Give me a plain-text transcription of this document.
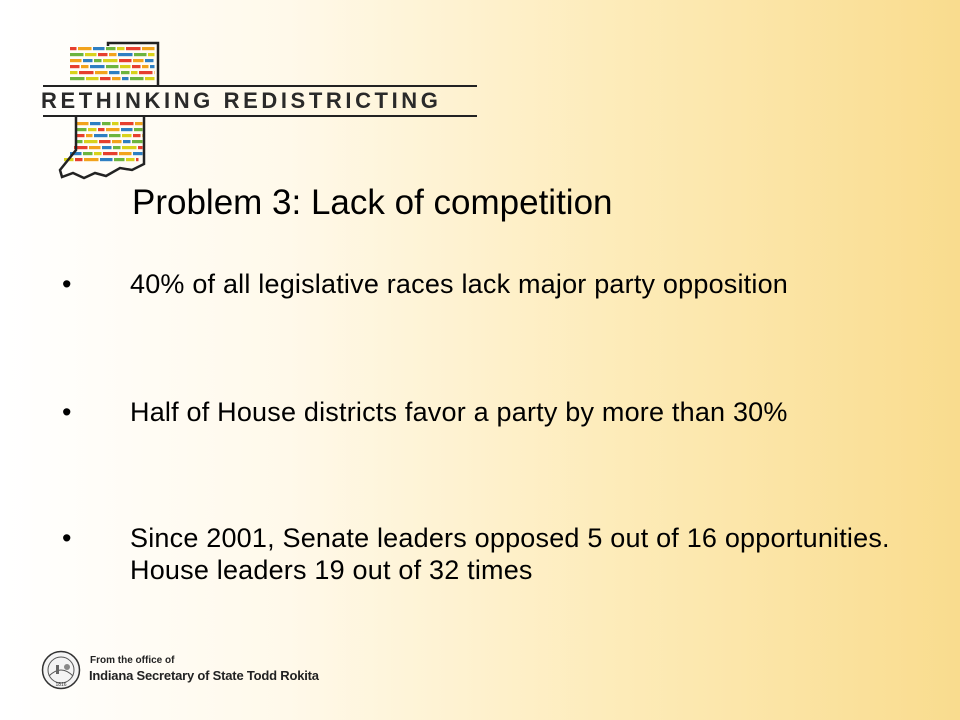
RETHINKING REDISTRICTING
Problem 3: Lack of competition
• 40% of all legislative races lack major party opposition
• Half of House districts favor a party by more than 30%
• Since 2001, Senate leaders opposed 5 out of 16 opportunities. House leaders 19 out of 32 times
1816
From the office of
Indiana Secretary of State Todd Rokita
